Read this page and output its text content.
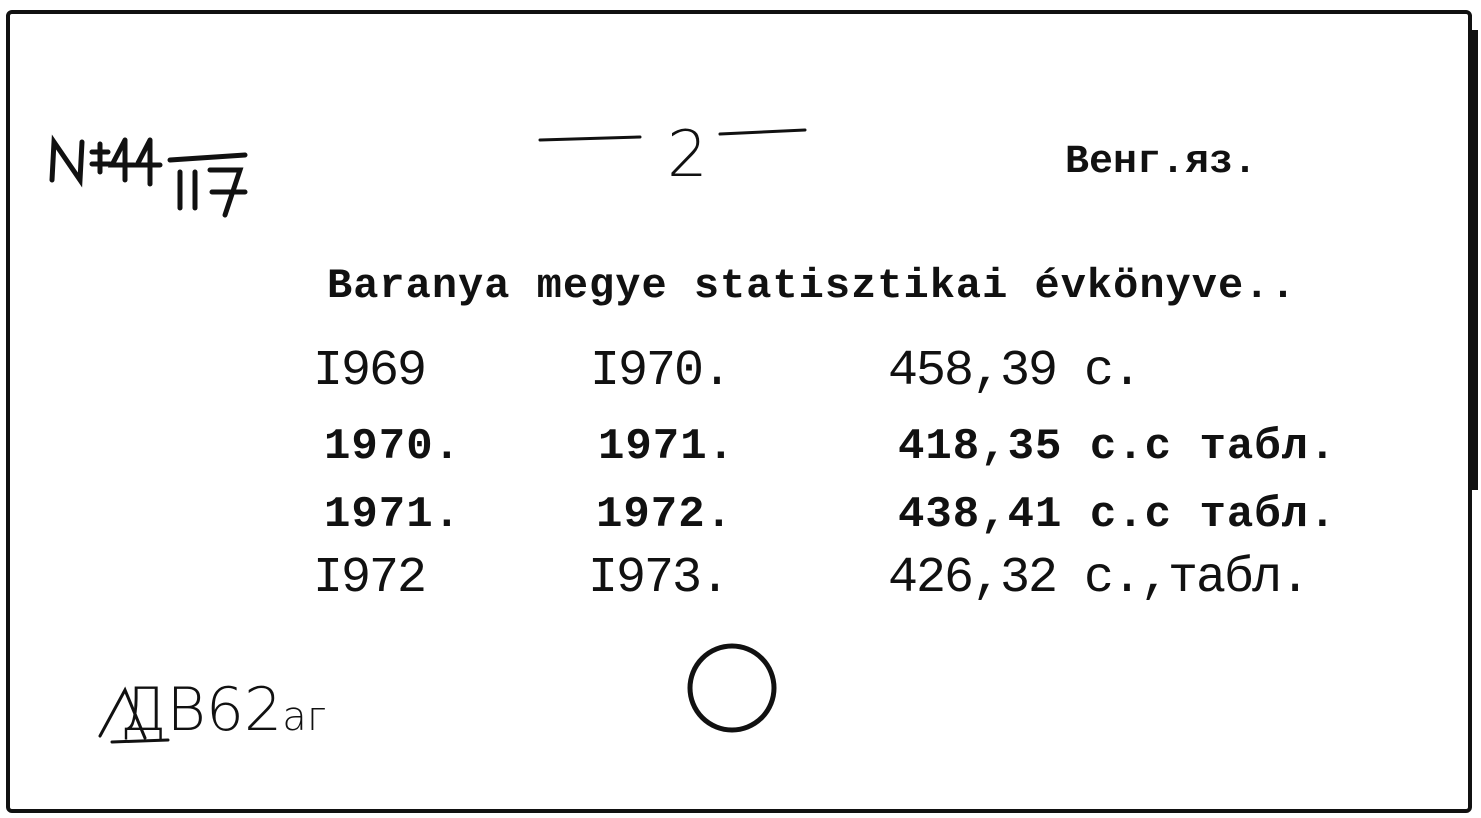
2	Венг.яз.
Baranya megye statisztikai évkönyve..
I969	I970.	458,39 с.
1970.	1971.	418,35 с.с табл.
1971.	1972.	438,41 с.с табл.
I972	I973.	426,32 с.,табл.
ДВ62аг
